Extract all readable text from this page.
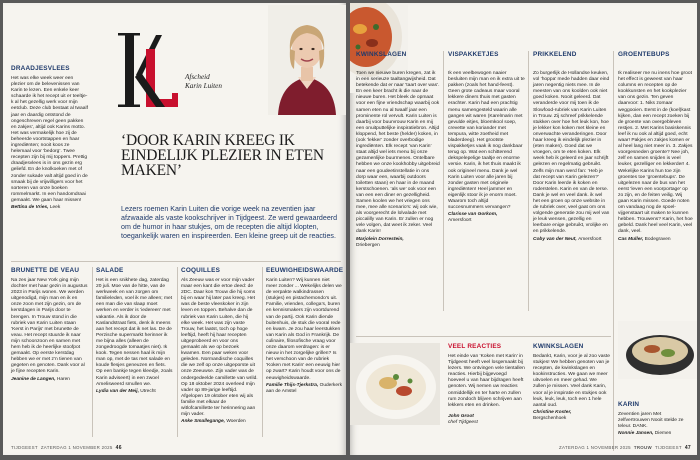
DRAADJESVLEES
Het was elke week weer een plezier om de belevenissen van Karin te lezen. Een enkele keer schaarde ik het recept uit er teeltje-k al het gezellig werk voor mijn eetclub. Deze club bestaat al twaalf jaar en daardig ontstond de ongeschreven regel geen pakken en zakjes’, altijd ook Karins motto. Het was vermakelijk hoe zij de beheerde voortstappen en haar ingrediënten; nooit koos ze helemaal voor ‘bedorg’. Twee recepten zijn bij mij toppers. Prettig draadjesvlees is in ons gezin erg geliefd. En de knolkoeken met of zonder sukade valt altijd goed in de smaak bij de vrijwilligers voor het sorteren van onze boeken rommelmarkt. In een handomdraai gemaakt. We gaan haar missen!
Bettina de Vries, Leek
Afscheid
Karin Luiten
‘DOOR KARIN KREEG IK EINDELIJK PLEZIER IN ETEN MAKEN’
Lezers roemen Karin Luiten die vorige week na zeventien jaar afzwaaide als vaste kookschrijver in Tijdgeest. Ze werd gewaardeerd om de humor in haar stukjes, om de recepten die altijd klopten, toegankelijk waren en inspireerden. Een kleine greep uit de reacties.
BRUNETTE DE VEAU
Na zes jaar New York ging mijn dochter met haar gezin in augustus 2023 in Parijs wonen. We werden uitgenodigd, mijn man en ik en onze zoon met zijn gezin, om de kerstdagen in Parijs door te brengen. In Trouw stond in die rubriek van Karin Luiten staan ‘Kerst in Parijs’ met brunette de veau. Het recept stuurde ik naar mijn schoonzoon en samen met hem heb ik de heerlijke stoofpot gemaakt. Op eerste kerstdag hebben we er met z’n tienen van gegeten en genoten. Dank voor al je fijne recepten Karin.
Jeanine de Langen, Haren
SALADE
Het is een snikhete dag, zaterdag 20 juli. Moe van de hitte, van de werkweek en van zorgen om familieleden, voel ik me alleen; met een man die van slaap moet werken en verder is ‘iedereen’ met vakantie. Als ik door de Kaslandstraat fiets, denk ik meens aan het recept dat ik net las. De de Perzische supermarkt herinner ik me bijna alles (alleen de zongedroogde tomaatjes niet). Ik kook. Tegen nessen haal ik mijn man op, met de tas met salade en koude flesjes geneuzen en fiets. Op een bankje tegen kleedje, zoals Karin adviseert) in een zwoel Amelisweerd smullen we.
Lydia van der Meij, Utrecht
COQUILLES
Als Zeeuw was er voor mijn vader maar een kant die ertoe deed: de 2DC. Daar kon Trouw die hij soms bij en waar hij later pas kreeg. Het was de beste vleeskoker in zijn leven en toppen. Behalve dan de rubriek van Karin Luiten, die hij elke week. Het was zijn vaste Trouw, het laatst, toch op hoge leeftijd, heeft hij haar recepten uitgeprobeerd en voor ons gemaakt als we op bezoek kwamen. Een paar weken voor geleden. Normandische coquilles die we zelf op onze uitgeporste uit onze Zeeuwse. Zijn vader was de ondergedeelde camillette van wrild. Op 18 oktober 2024 overleed mijn vader op 89-jarige leeftijd. Afgelopen 19 oktober eten wij als familie met elkaar de witlofcamillette ter herinnering aan mijn vader.
Anke Smallegange, Woerden
EEUWIGHEIDSWAARDE
Karin Luiten? Wij kunnen niet meer zonder ... Wekelijks delen we de verpakte walkindrassen (stukjes) en pistachemondo’s uit. Familie, vrienden, collega’s, buren en kennismakers zijn voortdurend van de partij. Ook Karin diende buitenhuis, de stuk die vooral rede en kwam. Je zou haar leerstukken van Karin als God in Frankrijk. De culinaire, filosofische vraag voor onze daarom verdragen: is er nieuw in het zorgelijke grillen? Is het verschoon van de rubriek ‘Koken met Karin’ een eeuwig hier op zwart? Karin houdt voor ons de eeuwigheidswaarde.
Familie Thijs-Tjerkstra, Ouderkerk aan de Amstel
TIJDGEEST ZATERDAG 1 NOVEMBER 2025 46
KWINKSLAGEN
Toen we nieuwe buren kregen, zat ik in een serieuze taaltangwijsheid. Dat betekende dat er naar ‘taart over was’. En een keer bracht ik die naar de nieuwe buren. Het bleek de opmaat voor een fijne vriendschap waarbij ook samen eten nu al twaalf jaar een prominente rol vervult. Karin Luiten is daarbij voor buurvrouw Karin en mij een onuitputtelijke inspiratiebron. Altijd kloppend, het beste (helder) koken, in (ook ‘lekker’ zonder overbodige ingrediënten. Elk recept ‘van Karin’ staat altijd wel iets menu bij onze gezamenlijke buurmenes. Ontelbare hebben we onze kookhobby uitgebreid naar een goudeetinstellatie in ons dorp waar een, waarbij outdoors toiletten staan) en haar in de maand kerstschoenen. ‘als we’ ook voor een van een een diner en gezelligheid. Samen koolen we het vriegen ons mee, mee alle scenario’s: wij ook wie, als voorgerecht de lolvalade met piccalilly van Karin. Er zullen er nog vele volgen, dat weet ik zeker. Veel dank Karin!
Marjolein Dorrestein,
Driebergen
VISPAKKETJES
Ik een veelbewogen naaier besluiten mijn man en ik extra uit te pakken (zoals het hand-feest). Geen grote cadeaus maar vooral lekkere diners thuis met gasten erachter. Karin had een prachtig menu samengesteld waarin alle gangen wit waren (Karelmarin met gevulde eitjes, bloemkool soep, crevette van koriander met tempura, witte zoetheid met bladerdeeg). Het grootste vispakketjes vaak ik nog dankbaar terug op. Wat een schitterend dekspelepelige taaltje en enorme versie. Karin, ik het thuis maakt ik ook origineel menu. Dank je wel Karin Luiten voor alle jaren bij zonder gasten met originele ingrediënten! Heel jammer en eigenlijk stoor ik je enorm moet. Waarom toch altijd succesnummers vervangen?
Clarisse van Gorkom,
Amersfoort
PRIKKELEND
Zo burgerlijk de Hollandse keuken, vol ‘hoppa’ mede hadden daar eind jaren negentig niets mee. In de meesten van ons koolden ook niet goed koken. Nooit geleerd. Dat veranderde voor mij toen ik de Slowfood-rubriek van Karin Luiten in Trouw. Zij schreef prikkelende stukken over hoe het leuk kon, hoe je lekker kon koken met kleine en onverwachte veranderingen. Door haar kreeg ik eindelijk plezier in (eten maken). Goed dat we vroegen, om te eten koken. Elk week heb ik geleerd en jaar schrijft gelezen en regelmatig gebruikt. Zelfs mijn man werd fan: ‘Heb je dat recept van Karin gelezen?’ Door Karin leerde ik koken en roderstelen. Karin en van de Ierse. Dank je wel en veel dank. ik wel het een groen op onze website in de rubriek over, veel gaat om ons volgende generatie zou mij wel van je leuk wensen, gezellig en leerbare enige gebruikt, vrolijke en en prikkelende.
Coby van der Neut, Amersfoort
GROENTEBUPS
Ik realiseer me nu inens hoe groot het effect is geweest van haar columns en recepten op de kookkunsten en het kookplezier van ons gezin. Ten geven daarvoor: 1. Niks zomaar weggooien. Eerst in de (koel)kast kijken, dan een recept zoeken bij de groente van overgebleven restjes. 2. Met Karins basiskennis leef ik nu ook al altijd goed, echt waar! Pakjes en zakjes komen er al heel lang niet meer in. 3. Zakjes voorgesneden groente? Nee joh, zelf en samen snijden is veel leuker, gezelliger en lekkerder! 4. Wekelijke Karins hun toe zijn groentes toe ‘groentebups’. De uitgelezen naar de bus van het eerst ‘leven een voorportage’ op zo zijn, en de feiten veilig. Wij gaan Karin missen. Goede noten om vandaag nog de spoel-vijgenstaart uit maken te kunnen hebben. Trouwens? Karin, het hoe gebeld. Dank heel veel Karin, veel dank, veel.
Cas Muller, Bodegraven
VEEL REACTIES
Het einde van ‘Koken met Karin’ in Tijdgeest heeft veel losgemaakt bij lezers. We ontvingen vele tientallen reacties. Hierbij bijgevoegd hoeveel u van haar bijdragen heeft genoten. Wij nemen uw reacties onmiddellijk en ter harte en zullen rum zondoch blijven schrijven aan lekkers eten en drinken.
John Groot
chef Tijdgeest
KWINKSLAGEN
Bedankt, Karin, voor je al zoo vaste stukjes! We hebben genoten van je recepten, de kwinkslagen en kookinstructies. We gaan we meer uitvoelen en meer gehad. We zullen je missen. Veel dank Karin, voor al je inspiratie en stukjes ook leuk, leuk, leuk, toch een 1 hele aantal oud.
Christine Koster,
Bergschenhoek
KARIN
Zeventien jaren Met zelfvertrouwen Nooit stelde ze teleur. DANK.
Nonnie Jansen, Diemen
ZATERDAG 1 NOVEMBER 2025 TROUW TIJDGEEST 47
